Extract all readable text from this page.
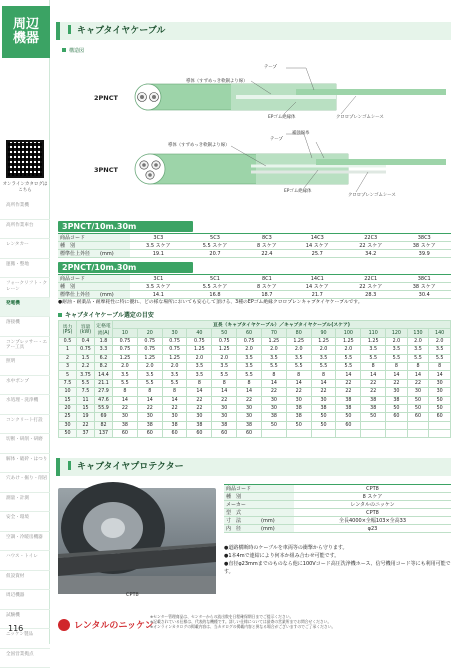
周辺
機器
オンラインカタログはこちら
高所作業機
高所作業車台
レンタカー
運搬・整地
フォークリフト・クレーン
発電機
溶接機
コンプレッサー・エアー工具
照明
水中ポンプ
水処理・洗浄機
コンクリート打設
切断・研削・研磨
解体・破砕・はつり
穴あけ・掘り・削岩
測量・計測
安全・環境
空調・冷暖房機器
ハウス・トイレ
仮設資材
周辺機器
試験機
ニッケン製品
全国営業拠点
116
キャブタイヤケーブル
構造図
2PNCT
3PNCT
テープ
導体（すずめっき軟銅より線）
EPゴム絶縁体	クロロプレンゴムシース
補強線糸
テープ
導体（すずめっき軟銅より線）
EPゴム絶縁体
クロロプレンゴムシース
3PNCT/10m.30m
商品コード	3C3	5C3	8C3	14C3	22C3	38C3
種　別	3.5 スケア	5.5 スケア	8 スケア	14 スケア	22 スケア	38 スケア
標準仕上外径　　(mm)	19.1	20.7	22.4	25.7	34.2	39.9
2PNCT/10m.30m
商品コード	3C1	5C1	8C1	14C1	22C1	38C1
種　別	3.5 スケア	5.5 スケア	8 スケア	14 スケア	22 スケア	38 スケア
標準仕上外径　　(mm)	14.1	16.8	18.7	21.7	28.3	30.4
●耐油・耐薬品・耐摩耗性に特に優れ、どの様な場所においても安心して頂ける、3種のEPゴム絶縁クロロプレンキャブタイヤケーブルです。
キャブタイヤケーブル選定の目安
馬力(PS)	容量(kW)	定格電流(A)	亘長（キャブタイヤケーブル）／キャブタイヤケーブル(スケア)													
			10	20	30	40	50	60	70	80	90	100	110	120	130	140
0.5	0.4	1.8	0.75	0.75	0.75	0.75	0.75	0.75	1.25	1.25	1.25	1.25	1.25	2.0	2.0	2.0
1	0.75	3.3	0.75	0.75	0.75	1.25	1.25	2.0	2.0	2.0	2.0	2.0	3.5	3.5	3.5	3.5
2	1.5	6.2	1.25	1.25	1.25	2.0	2.0	3.5	3.5	3.5	3.5	5.5	5.5	5.5	5.5	5.5
3	2.2	8.2	2.0	2.0	2.0	3.5	3.5	3.5	5.5	5.5	5.5	5.5	8	8	8	8
5	3.75	14.4	3.5	3.5	3.5	3.5	5.5	5.5	8	8	8	14	14	14	14	14
7.5	5.5	21.1	5.5	5.5	5.5	8	8	8	14	14	14	22	22	22	22	30
10	7.5	27.9	8	8	8	14	14	14	22	22	22	22	22	30	30	30
15	11	47.6	14	14	14	22	22	22	30	30	30	38	38	38	50	50
20	15	55.9	22	22	22	22	30	30	30	38	38	38	38	50	50	50
25	19	69	30	30	30	30	30	30	38	38	50	50	50	60	60	60
30	22	82	38	38	38	38	38	38	50	50	50	60				
50	37	137	60	60	60	60	60	60								
キャブタイヤプロテクター
CPT8
商品コード	CPT8
種　別	8 スケア
メーカー	レンタルのニッケン
型　式	CPT8
寸　法　　　　(mm)	全長4000×全幅103×全高33
内　径　　　　(mm)	φ23
●道路横断時のケーブルを車両等の衝撃から守ります。
●1本4mで連結により何本か組み合わせ可能です。
●直径φ23mmまでのものなら他に100Vコード高圧洗浄機ホース、信号機用コード等にも利用可能です。
レンタルのニッケン
※センター管理商品は、センターからの流出数を日程確保期日までご提示ください。
※記載されている仕様は、代表的な機種です。詳しい仕様については最寄の営業所までお問合せください。
※オンラインカタログの掲載内容は、当カタログの掲載内容と異なる場合がございますのでご了承ください。
